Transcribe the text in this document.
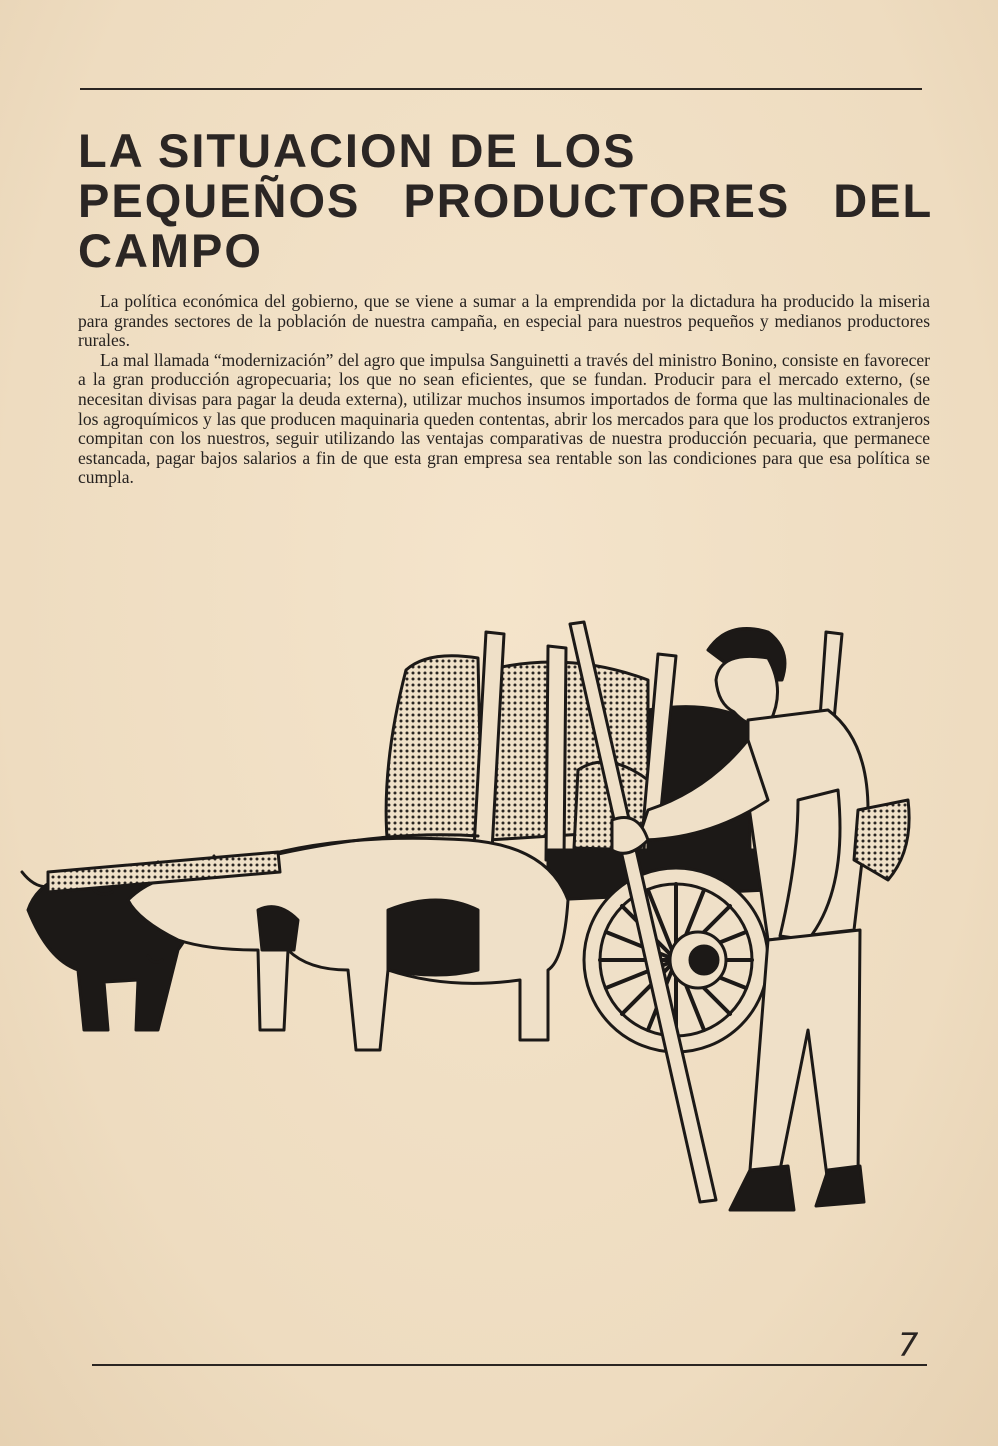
LA SITUACION DE LOS
PEQUEÑOS PRODUCTORES DEL
CAMPO

La política económica del gobierno, que se viene a sumar a la emprendida por la dictadura ha producido la miseria para grandes sectores de la población de nuestra campaña, en especial para nuestros pequeños y medianos productores rurales.

La mal llamada “modernización” del agro que impulsa Sanguinetti a través del ministro Bonino, consiste en favorecer a la gran producción agropecuaria; los que no sean eficientes, que se fundan. Producir para el mercado externo, (se necesitan divisas para pagar la deuda externa), utilizar muchos insumos importados de forma que las multinacionales de los agroquímicos y las que producen maquinaria queden contentas, abrir los mercados para que los productos extranjeros compitan con los nuestros, seguir utilizando las ventajas comparativas de nuestra producción pecuaria, que permanece estancada, pagar bajos salarios a fin de que esta gran empresa sea rentable son las condiciones para que esa política se cumpla.

7
